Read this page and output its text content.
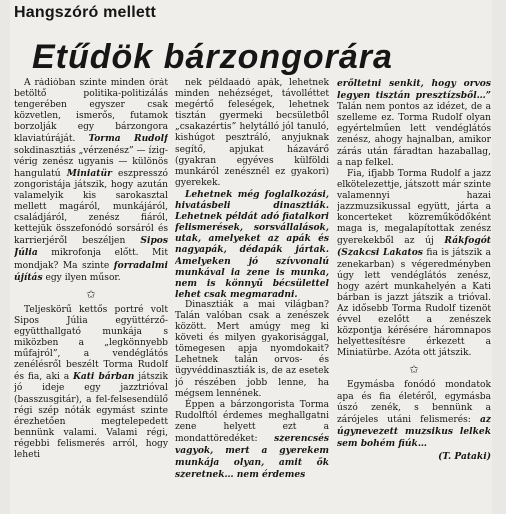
Hangszóró mellett
Etűdök bárzongorára

A rádióban szinte minden órát betöltő politika-politizálás tengerében egyszer csak közvetlen, ismerős, futamok borzolják egy bárzongora klaviatúráját. Torma Rudolf sokdinasztiás „vérzenész” — ízig-vérig zenész ugyanis — különös hangulatú Miniatür eszpresszó zongoristája játszik, hogy azután valamelyik kis sarokasztal mellett magáról, munkájáról, családjáról, zenész fiáról, kettejük összefonódó sorsáról és karrierjéről beszéljen Sipos Júlia mikrofonja előtt. Mit mondjak? Ma szinte forradalmi újítás egy ilyen műsor.

✩

Teljeskörű kettős portré volt Sipos Júlia együttérző-együtthallgató munkája s miközben a „legkönnyebb műfajról”, a vendéglátós zenélésről beszélt Torma Rudolf és fia, aki a Kati bárban játszik jó ideje egy jazztrióval (basszusgitár), a fel-felsesendülő régi szép nóták egymást szinte érezhetően megtelepedett bennünk valami. Valami régi, régebbi felismerés arról, hogy leheti

nek példaadó apák, lehetnek minden nehézséget, távolléttet megértő feleségek, lehetnek tisztán gyermeki becsületből „csakazértis” helytálló jól tanuló, kishúgot pesztráló, anyjuknak segítő, apjukat házavárő (gyakran egyéves külföldi munkáról zenésznél ez gyakori) gyerekek.

Lehetnek még foglalkozási, hivatásbeli dinasztiák. Lehetnek példát adó fiatalkori felismerések, sorsvállalások, utak, amelyeket az apák és nagyapák, dédapák jártak. Amelyeken jó szívvonalú munkával ia zene is munka, nem is könnyű bécsülettel lehet csak megmaradni.

Dinasztiák a mai világban? Talán valóban csak a zenészek között. Mert amúgy meg ki követi és milyen gyakorisággal, tömegesen apja nyomdokait? Lehetnek talán orvos- és ügyvéddinasztiák is, de az esetek jó részében jobb lenne, ha mégsem lennének.

Éppen a bárzongorista Torma Rudolftól érdemes meghallgatni zene helyett ezt a mondattöredéket: szerencsés vagyok, mert a gyerekem munkája olyan, amit ők szeretnek… nem érdemes

erőltetni senkit, hogy orvos legyen tisztán presztízsből…” Talán nem pontos az idézet, de a szelleme ez. Torma Rudolf olyan egyértelműen lett vendéglátós zenész, ahogy hajnalban, amikor zárás után fáradtan hazaballag, a nap felkel.

Fia, ifjabb Torma Rudolf a jazz elkötelezettje, játszott már szinte valamennyi hazai jazzmuzsikussal együtt, járta a koncerteket közreműködőként maga is, megalapítottak zenész gyerekekből az új Rákfogót (Szakcsi Lakatos fia is játszik a zenekarban) s végeredményben úgy lett vendéglátós zenész, hogy azért munkahelyén a Kati bárban is jazzt játszik a trióval. Az idősebb Torma Rudolf tizenöt évvel ezelőtt a zenészek központja kérésére háromnapos helyettesítésre érkezett a Miniatürbe. Azóta ott játszik.

✩

Egymásba fonódó mondatok apa és fia életéről, egymásba úszó zenék, s bennünk a zárójeles utáni felismerés: az úgynevezett muzsikus lelkek sem bohém fiúk…

(T. Pataki)
